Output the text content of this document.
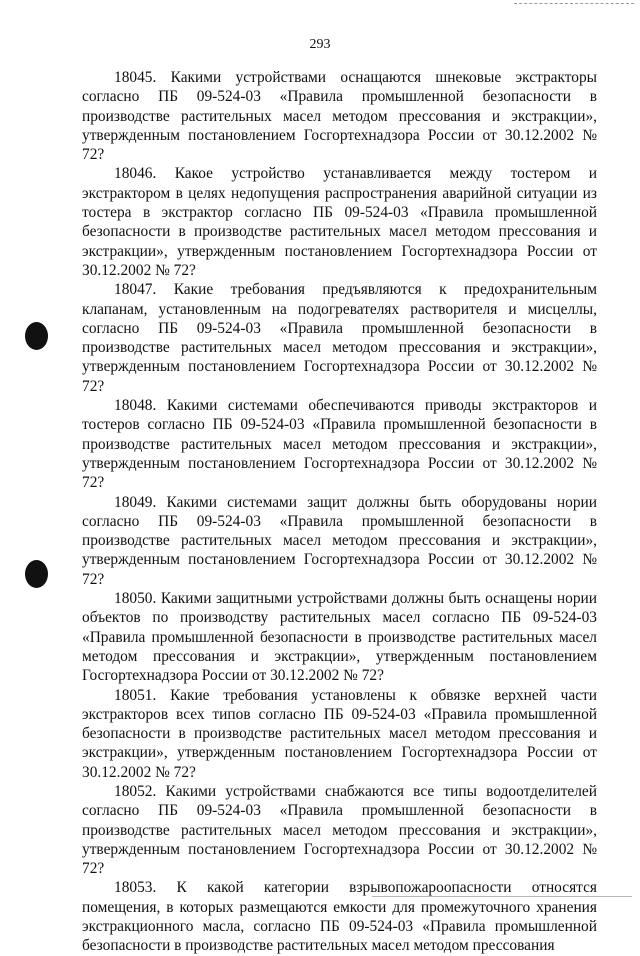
293

18045. Какими устройствами оснащаются шнековые экстракторы согласно ПБ 09-524-03 «Правила промышленной безопасности в производстве растительных масел методом прессования и экстракции», утвержденным постановлением Госгортехнадзора России от 30.12.2002 № 72?

18046. Какое устройство устанавливается между тостером и экстрактором в целях недопущения распространения аварийной ситуации из тостера в экстрактор согласно ПБ 09-524-03 «Правила промышленной безопасности в производстве растительных масел методом прессования и экстракции», утвержденным постановлением Госгортехнадзора России от 30.12.2002 № 72?

18047. Какие требования предъявляются к предохранительным клапанам, установленным на подогревателях растворителя и мисцеллы, согласно ПБ 09-524-03 «Правила промышленной безопасности в производстве растительных масел методом прессования и экстракции», утвержденным постановлением Госгортехнадзора России от 30.12.2002 № 72?

18048. Какими системами обеспечиваются приводы экстракторов и тостеров согласно ПБ 09-524-03 «Правила промышленной безопасности в производстве растительных масел методом прессования и экстракции», утвержденным постановлением Госгортехнадзора России от 30.12.2002 № 72?

18049. Какими системами защит должны быть оборудованы нории согласно ПБ 09-524-03 «Правила промышленной безопасности в производстве растительных масел методом прессования и экстракции», утвержденным постановлением Госгортехнадзора России от 30.12.2002 № 72?

18050. Какими защитными устройствами должны быть оснащены нории объектов по производству растительных масел согласно ПБ 09-524-03 «Правила промышленной безопасности в производстве растительных масел методом прессования и экстракции», утвержденным постановлением Госгортехнадзора России от 30.12.2002 № 72?

18051. Какие требования установлены к обвязке верхней части экстракторов всех типов согласно ПБ 09-524-03 «Правила промышленной безопасности в производстве растительных масел методом прессования и экстракции», утвержденным постановлением Госгортехнадзора России от 30.12.2002 № 72?

18052. Какими устройствами снабжаются все типы водоотделителей согласно ПБ 09-524-03 «Правила промышленной безопасности в производстве растительных масел методом прессования и экстракции», утвержденным постановлением Госгортехнадзора России от 30.12.2002 № 72?

18053. К какой категории взрывопожароопасности относятся помещения, в которых размещаются емкости для промежуточного хранения экстракционного масла, согласно ПБ 09-524-03 «Правила промышленной безопасности в производстве растительных масел методом прессования
